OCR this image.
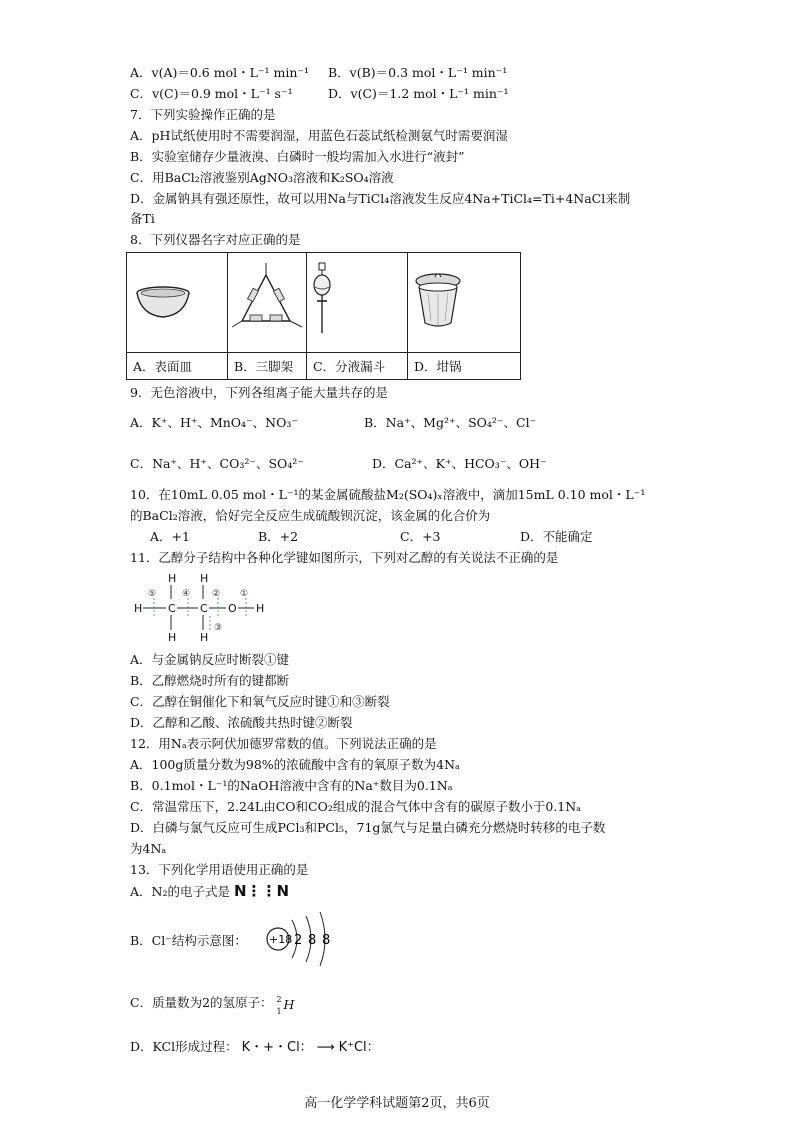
A．v(A)＝0.6 mol・L⁻¹ min⁻¹ B．v(B)＝0.3 mol・L⁻¹ min⁻¹
C．v(C)＝0.9 mol・L⁻¹ s⁻¹	D．v(C)＝1.2 mol・L⁻¹ min⁻¹
7．下列实验操作正确的是
A．pH试纸使用时不需要润湿，用蓝色石蕊试纸检测氨气时需要润湿
B．实验室储存少量液溴、白磷时一般均需加入水进行“液封”
C．用BaCl₂溶液鉴别AgNO₃溶液和K₂SO₄溶液
D．金属钠具有强还原性，故可以用Na与TiCl₄溶液发生反应4Na+TiCl₄=Ti+4NaCl来制
备Ti
8．下列仪器名字对应正确的是

A．表面皿	B．三脚架	C．分液漏斗	D．坩锅
9．无色溶液中，下列各组离子能大量共存的是
A．K⁺、H⁺、MnO₄⁻、NO₃⁻	B．Na⁺、Mg²⁺、SO₄²⁻、Cl⁻
C．Na⁺、H⁺、CO₃²⁻、SO₄²⁻	D．Ca²⁺、K⁺、HCO₃⁻、OH⁻
10．在10mL 0.05 mol・L⁻¹的某金属硫酸盐M₂(SO₄)ₓ溶液中，滴加15mL 0.10 mol・L⁻¹
的BaCl₂溶液，恰好完全反应生成硫酸钡沉淀，该金属的化合价为
A．+1	B．+2	C．+3	D．不能确定
11．乙醇分子结构中各种化学键如图所示，下列对乙醇的有关说法不正确的是
H
H
H
C C O
H
H
H
⑤	④ ② ①
③
A．与金属钠反应时断裂①键
B．乙醇燃烧时所有的键都断
C．乙醇在铜催化下和氧气反应时键①和③断裂
D．乙醇和乙酸、浓硫酸共热时键②断裂
12．用Nₐ表示阿伏加德罗常数的值。下列说法正确的是
A．100g质量分数为98%的浓硫酸中含有的氧原子数为4Nₐ
B．0.1mol・L⁻¹的NaOH溶液中含有的Na⁺数目为0.1Nₐ
C．常温常压下，2.24L由CO和CO₂组成的混合气体中含有的碳原子数小于0.1Nₐ
D．白磷与氯气反应可生成PCl₃和PCl₅，71g氯气与足量白磷充分燃烧时转移的电子数
为4Nₐ
13．下列化学用语使用正确的是
A．N₂的电子式是 N⋮⋮N
B．Cl⁻结构示意图： +18 2 8 8
C．质量数为2的氢原子： 2
1 H
D．KCl形成过程： K・+・Cl： ⟶ K⁺Cl：
高一化学学科试题第2页，共6页
